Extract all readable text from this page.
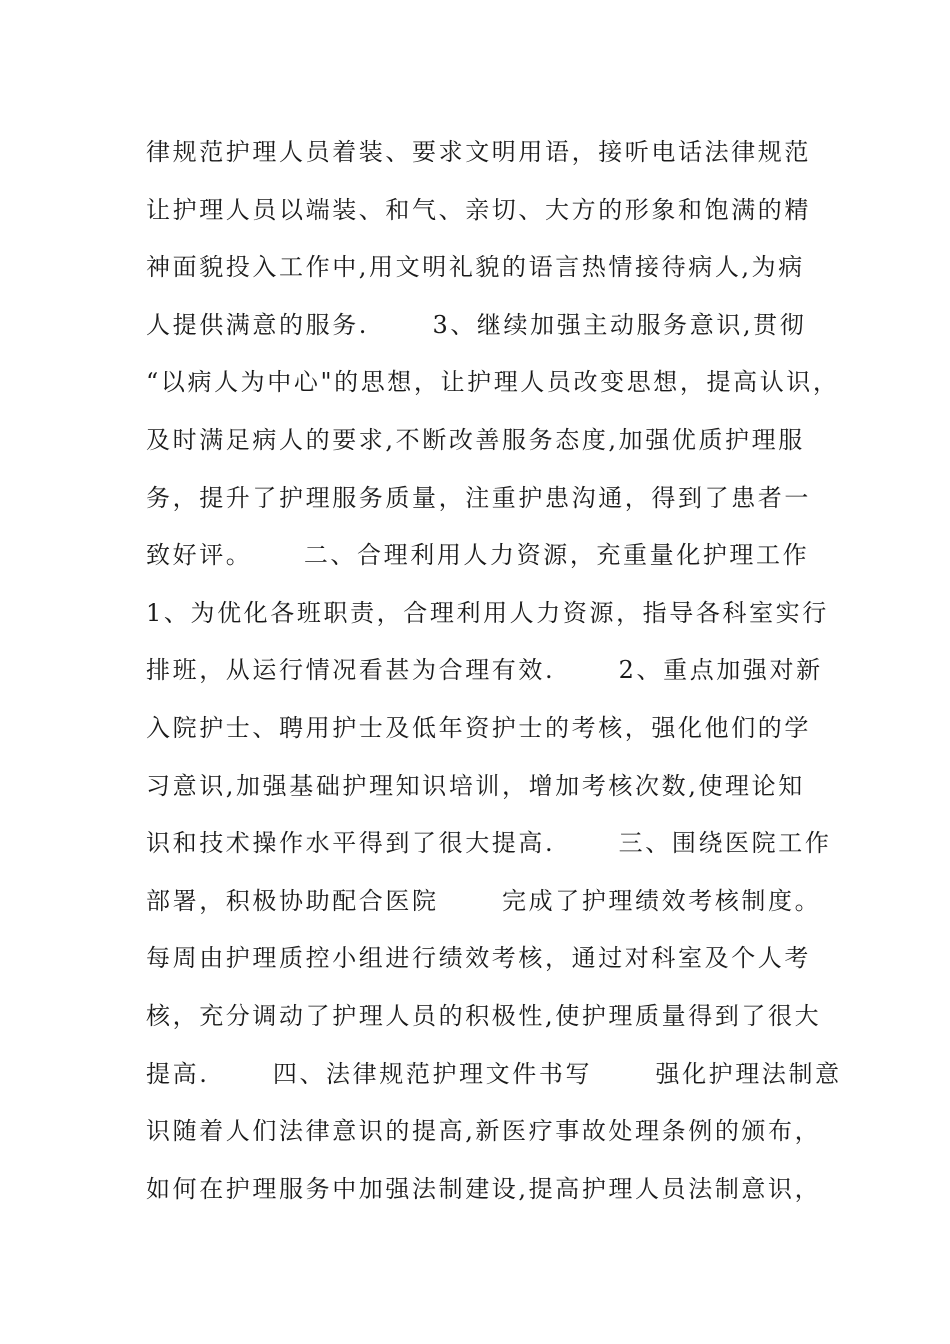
律规范护理人员着装、要求文明用语，接听电话法律规范
让护理人员以端装、和气、亲切、大方的形象和饱满的精
神面貌投入工作中,用文明礼貌的语言热情接待病人,为病
人提供满意的服务.　　 3、继续加强主动服务意识,贯彻
“以病人为中心"的思想，让护理人员改变思想，提高认识，
及时满足病人的要求,不断改善服务态度,加强优质护理服
务，提升了护理服务质量，注重护患沟通，得到了患者一
致好评。　　 二、合理利用人力资源，充重量化护理工作
1、为优化各班职责，合理利用人力资源，指导各科室实行
排班，从运行情况看甚为合理有效.　　 2、重点加强对新
入院护士、聘用护士及低年资护士的考核，强化他们的学
习意识,加强基础护理知识培训，增加考核次数,使理论知
识和技术操作水平得到了很大提高.　　 三、围绕医院工作
部署，积极协助配合医院　　 完成了护理绩效考核制度。
每周由护理质控小组进行绩效考核，通过对科室及个人考
核，充分调动了护理人员的积极性,使护理质量得到了很大
提高.　　 四、法律规范护理文件书写　　 强化护理法制意
识随着人们法律意识的提高,新医疗事故处理条例的颁布，
如何在护理服务中加强法制建设,提高护理人员法制意识，
